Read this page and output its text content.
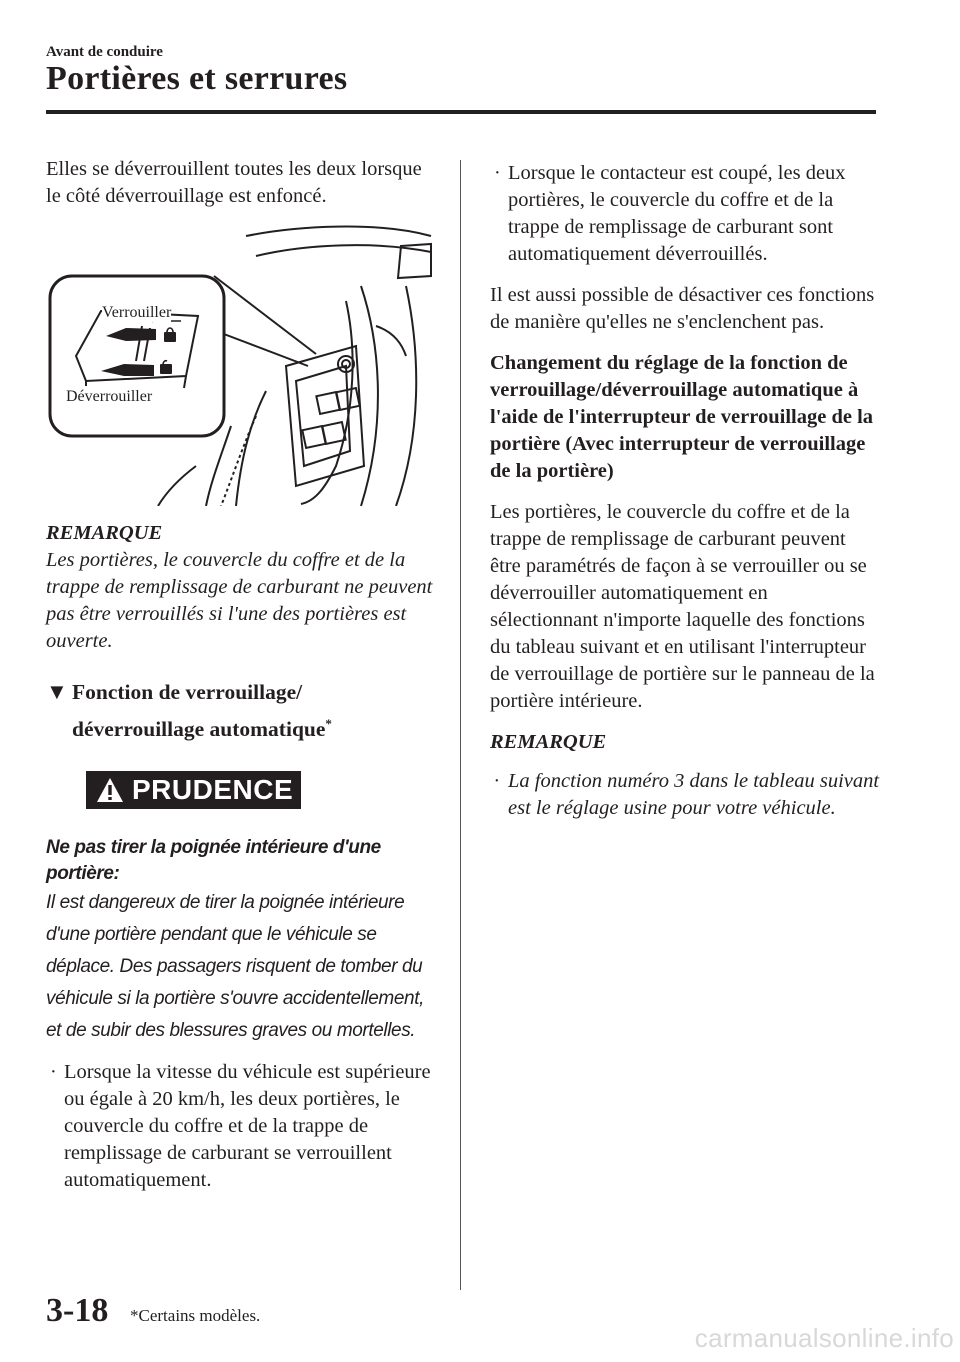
Avant de conduire
Portières et serrures

Elles se déverrouillent toutes les deux lorsque le côté déverrouillage est enfoncé.

Verrouiller
Déverrouiller

REMARQUE

Les portières, le couvercle du coffre et de la trappe de remplissage de carburant ne peuvent pas être verrouillés si l'une des portières est ouverte.

▼ Fonction de verrouillage/
déverrouillage automatique*
PRUDENCE

Ne pas tirer la poignée intérieure d'une portière:

Il est dangereux de tirer la poignée intérieure d'une portière pendant que le véhicule se déplace. Des passagers risquent de tomber du véhicule si la portière s'ouvre accidentellement, et de subir des blessures graves ou mortelles.

· Lorsque la vitesse du véhicule est supérieure ou égale à 20 km/h, les deux portières, le couvercle du coffre et de la trappe de remplissage de carburant se verrouillent automatiquement.
· Lorsque le contacteur est coupé, les deux portières, le couvercle du coffre et de la trappe de remplissage de carburant sont automatiquement déverrouillés.

Il est aussi possible de désactiver ces fonctions de manière qu'elles ne s'enclenchent pas.

Changement du réglage de la fonction de verrouillage/déverrouillage automatique à l'aide de l'interrupteur de verrouillage de la portière (Avec interrupteur de verrouillage de la portière)

Les portières, le couvercle du coffre et de la trappe de remplissage de carburant peuvent être paramétrés de façon à se verrouiller ou se déverrouiller automatiquement en sélectionnant n'importe laquelle des fonctions du tableau suivant et en utilisant l'interrupteur de verrouillage de portière sur le panneau de la portière intérieure.

REMARQUE

· La fonction numéro 3 dans le tableau suivant est le réglage usine pour votre véhicule.
3-18 *Certains modèles.
carmanualsonline.info
